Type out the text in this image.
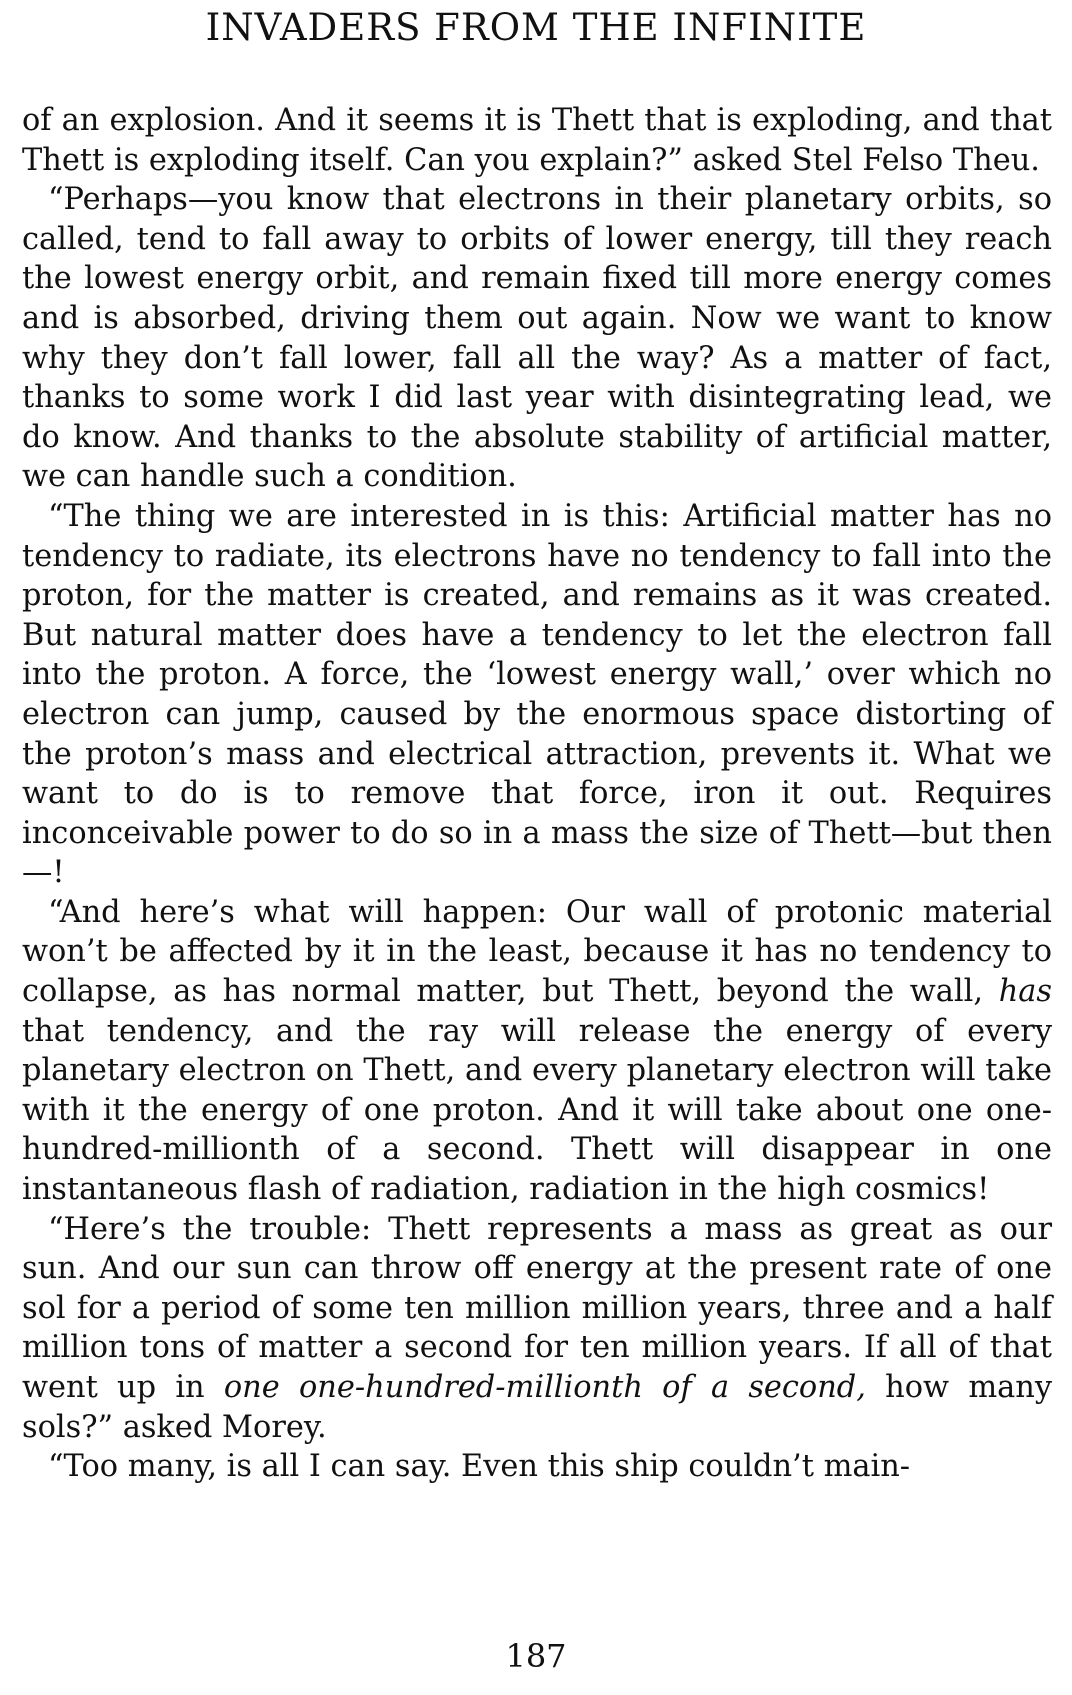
INVADERS FROM THE INFINITE

of an explosion. And it seems it is Thett that is exploding, and that Thett is exploding itself. Can you explain?” asked Stel Felso Theu.

“Perhaps—you know that electrons in their planetary orbits, so called, tend to fall away to orbits of lower energy, till they reach the lowest energy orbit, and remain fixed till more energy comes and is absorbed, driving them out again. Now we want to know why they don’t fall lower, fall all the way? As a matter of fact, thanks to some work I did last year with disintegrating lead, we do know. And thanks to the absolute stability of artificial matter, we can handle such a condition.

“The thing we are interested in is this: Artificial matter has no tendency to radiate, its electrons have no tendency to fall into the proton, for the matter is created, and remains as it was created. But natural matter does have a tendency to let the electron fall into the proton. A force, the ‘lowest energy wall,’ over which no electron can jump, caused by the enormous space distorting of the proton’s mass and electrical attraction, prevents it. What we want to do is to remove that force, iron it out. Requires inconceivable power to do so in a mass the size of Thett—but then—!

“And here’s what will happen: Our wall of protonic material won’t be affected by it in the least, because it has no tendency to collapse, as has normal matter, but Thett, beyond the wall, has that tendency, and the ray will release the energy of every planetary electron on Thett, and every planetary electron will take with it the energy of one proton. And it will take about one one-hundred-millionth of a second. Thett will disappear in one instantaneous flash of radiation, radiation in the high cosmics!

“Here’s the trouble: Thett represents a mass as great as our sun. And our sun can throw off energy at the present rate of one sol for a period of some ten million million years, three and a half million tons of matter a second for ten million years. If all of that went up in one one-hundred-millionth of a second, how many sols?” asked Morey.

“Too many, is all I can say. Even this ship couldn’t main-

187
